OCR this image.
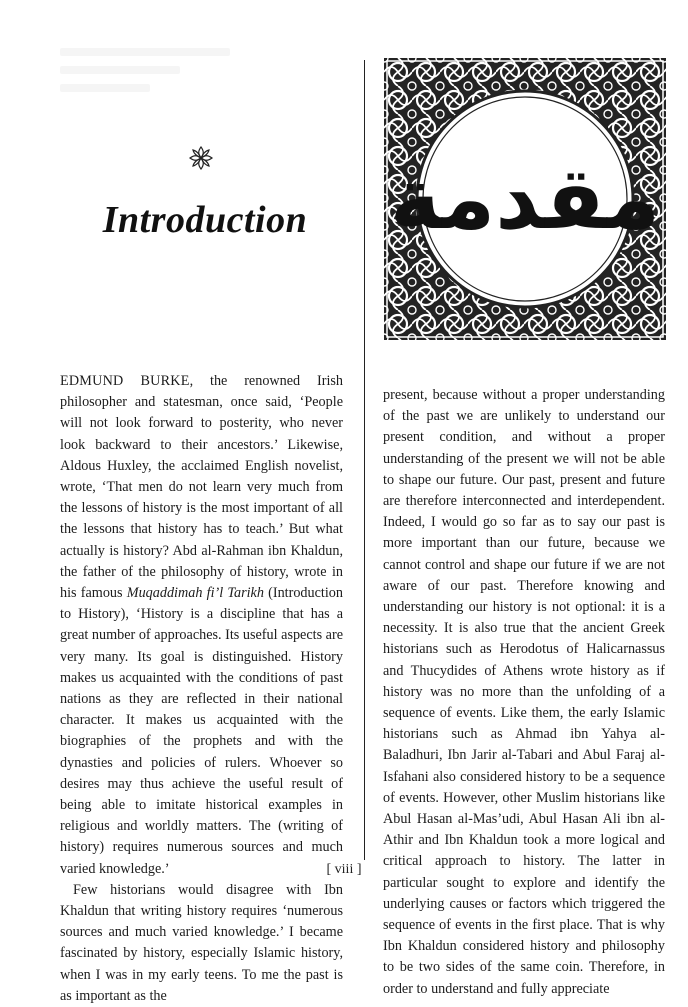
Introduction مقدمة

EDMUND BURKE, the renowned Irish philosopher and statesman, once said, ‘People will not look forward to posterity, who never look backward to their ancestors.’ Likewise, Aldous Huxley, the acclaimed English novelist, wrote, ‘That men do not learn very much from the lessons of history is the most important of all the lessons that history has to teach.’ But what actually is history? Abd al-Rahman ibn Khaldun, the father of the philosophy of history, wrote in his famous Muqaddimah fi’l Tarikh (Introduction to History), ‘History is a discipline that has a great number of approaches. Its useful aspects are very many. Its goal is distinguished. History makes us acquainted with the conditions of past nations as they are reflected in their national character. It makes us acquainted with the biographies of the prophets and with the dynasties and policies of rulers. Whoever so desires may thus achieve the useful result of being able to imitate historical examples in religious and worldly matters. The (writing of history) requires numerous sources and much varied knowledge.’

Few historians would disagree with Ibn Khaldun that writing history requires ‘numerous sources and much varied knowledge.’ I became fascinated by history, especially Islamic history, when I was in my early teens. To me the past is as important as the

present, because without a proper understanding of the past we are unlikely to understand our present condition, and without a proper understanding of the present we will not be able to shape our future. Our past, present and future are therefore interconnected and interdependent. Indeed, I would go so far as to say our past is more important than our future, because we cannot control and shape our future if we are not aware of our past. Therefore knowing and understanding our history is not optional: it is a necessity. It is also true that the ancient Greek historians such as Herodotus of Halicarnassus and Thucydides of Athens wrote history as if history was no more than the unfolding of a sequence of events. Like them, the early Islamic historians such as Ahmad ibn Yahya al-Baladhuri, Ibn Jarir al-Tabari and Abul Faraj al-Isfahani also considered history to be a sequence of events. However, other Muslim historians like Abul Hasan al-Mas’udi, Abul Hasan Ali ibn al-Athir and Ibn Khaldun took a more logical and critical approach to history. The latter in particular sought to explore and identify the underlying causes or factors which triggered the sequence of events in the first place. That is why Ibn Khaldun considered history and philosophy to be two sides of the same coin. Therefore, in order to understand and fully appreciate

[ viii ]
